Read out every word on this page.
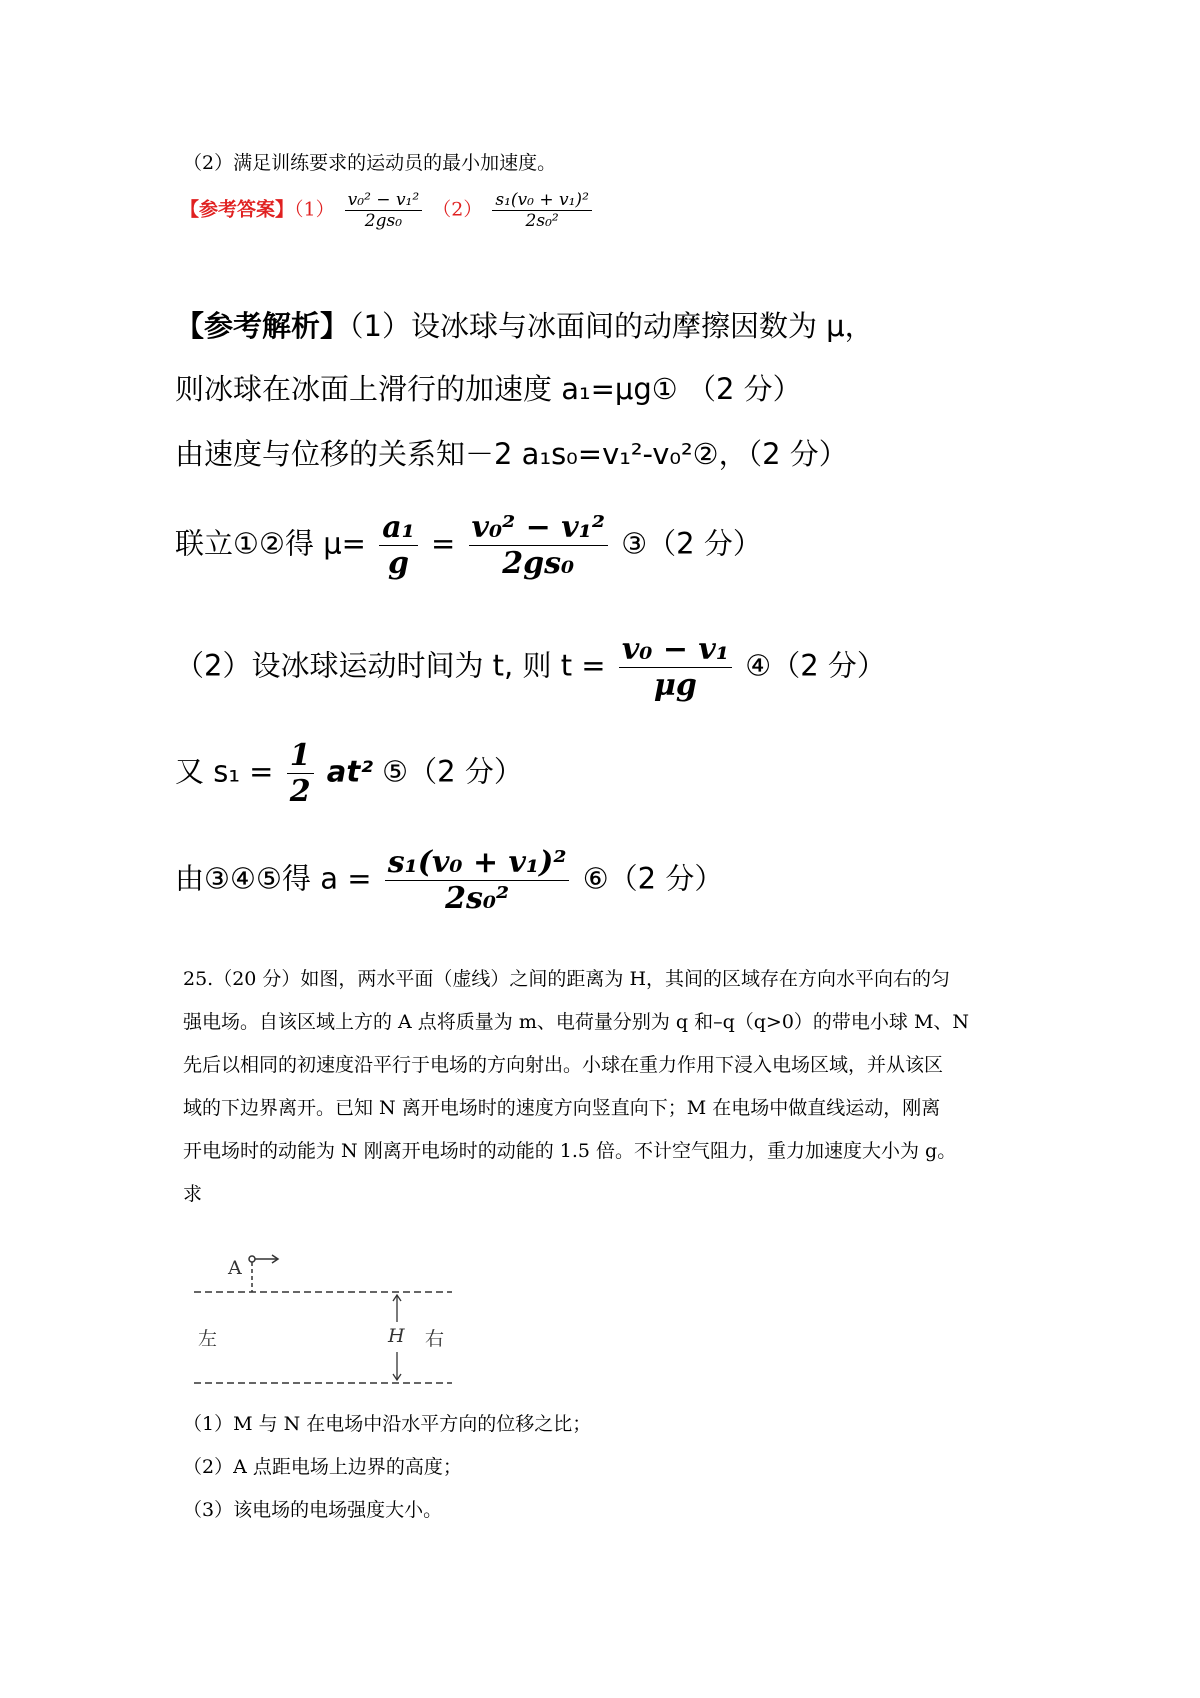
（2）满足训练要求的运动员的最小加速度。
【参考答案】$(1) \frac{\text{v₀² − v₁²}}{\text{2gs₀}} (2) \frac{\text{s₁(v₀ + v₁)²}}{\text{2s₀²}}$
【参考解析】（1）设冰球与冰面间的动摩擦因数为 μ，
则冰球在冰面上滑行的加速度 a₁=μg① （2 分）
由速度与位移的关系知－2 a₁s₀=v₁²-v₀²②，（2 分）
联立①②得 $\mu= \frac{\text{a₁}}{g} = \frac{\text{v₀² − v₁²}}{\text{2gs₀}}$ ③（2 分）
（2）设冰球运动时间为 t, 则 $t = \frac{\text{v₀ − v₁}}{\mu g}$ ④（2 分）
又 $s_1 = \frac{1}{2} at^2$ ⑤（2 分）
由③④⑤得 $a = \frac{\text{s₁(v₀ + v₁)²}}{\text{2s₀²}}$ ⑥（2 分）
25.（20 分）如图，两水平面（虚线）之间的距离为 H，其间的区域存在方向水平向右的匀
强电场。自该区域上方的 A 点将质量为 m、电荷量分别为 q 和–q（q>0）的带电小球 M、N
先后以相同的初速度沿平行于电场的方向射出。小球在重力作用下浸入电场区域，并从该区
域的下边界离开。已知 N 离开电场时的速度方向竖直向下；M 在电场中做直线运动，刚离
开电场时的动能为 N 刚离开电场时的动能的 1.5 倍。不计空气阻力，重力加速度大小为 g。
求
A
H
左	右
（1）M 与 N 在电场中沿水平方向的位移之比；
（2）A 点距电场上边界的高度；
（3）该电场的电场强度大小。
